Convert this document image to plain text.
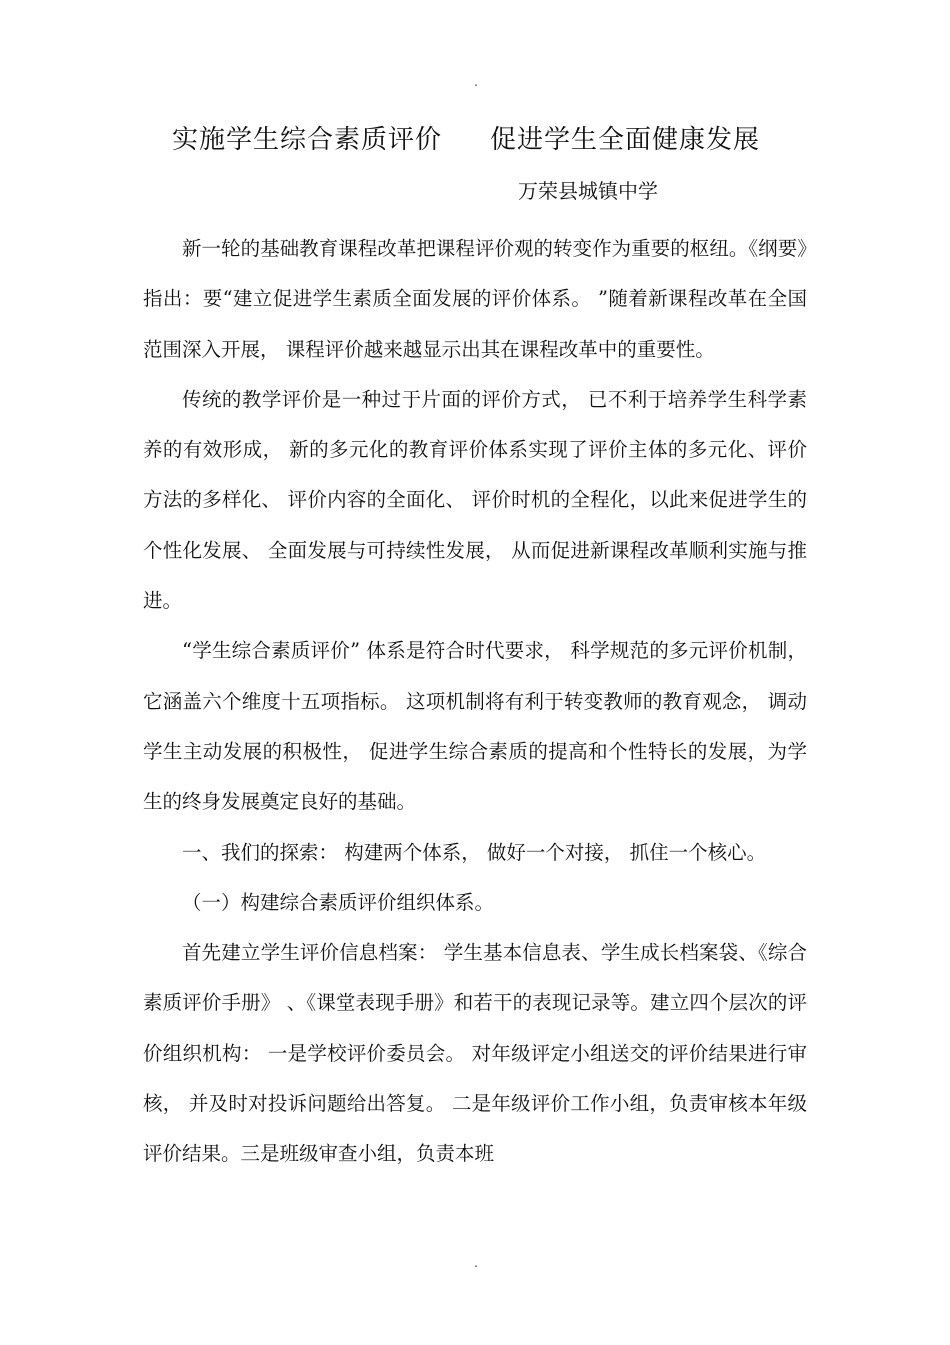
.
实施学生综合素质评价 促进学生全面健康发展
万荣县城镇中学

新一轮的基础教育课程改革把课程评价观的转变作为重要的枢纽。《纲要》指出：要“建立促进学生素质全面发展的评价体系。 ”随着新课程改革在全国范围深入开展， 课程评价越来越显示出其在课程改革中的重要性。

传统的教学评价是一种过于片面的评价方式， 已不利于培养学生科学素养的有效形成， 新的多元化的教育评价体系实现了评价主体的多元化、评价方法的多样化、 评价内容的全面化、 评价时机的全程化，以此来促进学生的个性化发展、 全面发展与可持续性发展， 从而促进新课程改革顺利实施与推进。

“学生综合素质评价” 体系是符合时代要求， 科学规范的多元评价机制， 它涵盖六个维度十五项指标。 这项机制将有利于转变教师的教育观念， 调动学生主动发展的积极性， 促进学生综合素质的提高和个性特长的发展，为学生的终身发展奠定良好的基础。

一、我们的探索： 构建两个体系， 做好一个对接， 抓住一个核心。

（一）构建综合素质评价组织体系。

首先建立学生评价信息档案： 学生基本信息表、学生成长档案袋、《综合素质评价手册》 、《课堂表现手册》和若干的表现记录等。建立四个层次的评价组织机构： 一是学校评价委员会。 对年级评定小组送交的评价结果进行审核， 并及时对投诉问题给出答复。 二是年级评价工作小组，负责审核本年级评价结果。三是班级审查小组，负责本班

.
